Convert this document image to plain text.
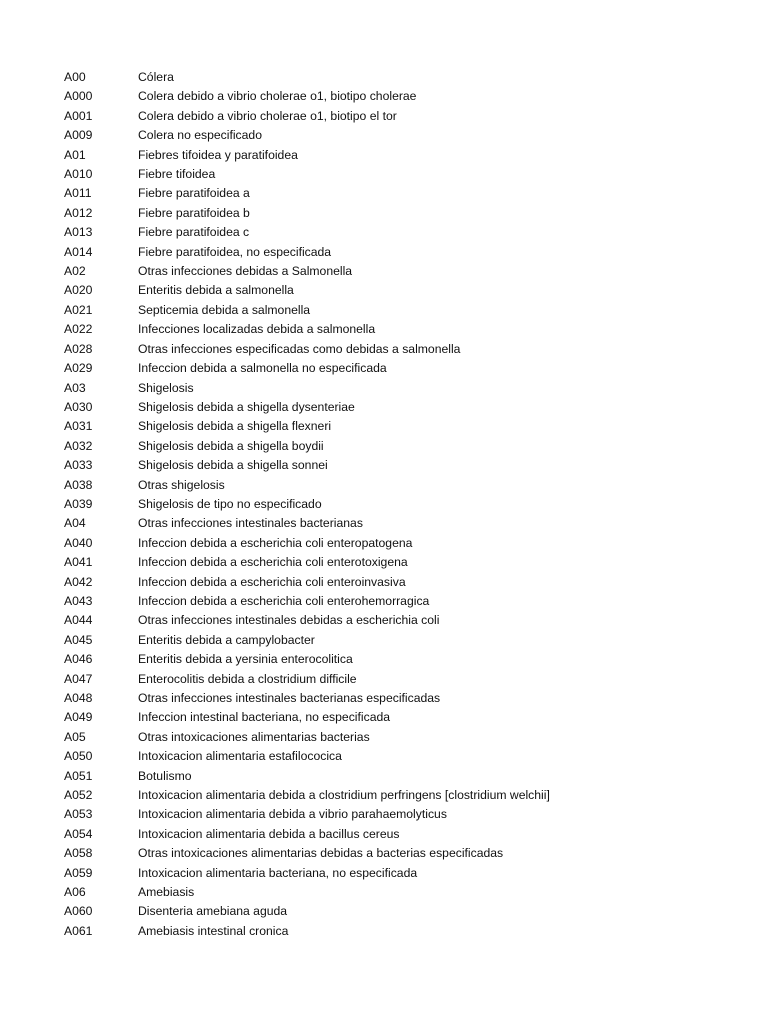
A00	Cólera
A000	Colera debido a vibrio cholerae o1, biotipo cholerae
A001	Colera debido a vibrio cholerae o1, biotipo el tor
A009	Colera no especificado
A01	Fiebres tifoidea y paratifoidea
A010	Fiebre tifoidea
A011	Fiebre paratifoidea a
A012	Fiebre paratifoidea b
A013	Fiebre paratifoidea c
A014	Fiebre paratifoidea, no especificada
A02	Otras infecciones debidas a Salmonella
A020	Enteritis debida a salmonella
A021	Septicemia debida a salmonella
A022	Infecciones localizadas debida a salmonella
A028	Otras infecciones especificadas como debidas a salmonella
A029	Infeccion debida a salmonella no especificada
A03	Shigelosis
A030	Shigelosis debida a shigella dysenteriae
A031	Shigelosis debida a shigella flexneri
A032	Shigelosis debida a shigella boydii
A033	Shigelosis debida a shigella sonnei
A038	Otras shigelosis
A039	Shigelosis de tipo no especificado
A04	Otras infecciones intestinales bacterianas
A040	Infeccion debida a escherichia coli enteropatogena
A041	Infeccion debida a escherichia coli enterotoxigena
A042	Infeccion debida a escherichia coli enteroinvasiva
A043	Infeccion debida a escherichia coli enterohemorragica
A044	Otras infecciones intestinales debidas a escherichia coli
A045	Enteritis debida a campylobacter
A046	Enteritis debida a yersinia enterocolitica
A047	Enterocolitis debida a clostridium difficile
A048	Otras infecciones intestinales bacterianas especificadas
A049	Infeccion intestinal bacteriana, no especificada
A05	Otras intoxicaciones alimentarias bacterias
A050	Intoxicacion alimentaria estafilococica
A051	Botulismo
A052	Intoxicacion alimentaria debida a clostridium perfringens [clostridium welchii]
A053	Intoxicacion alimentaria debida a vibrio parahaemolyticus
A054	Intoxicacion alimentaria debida a bacillus cereus
A058	Otras intoxicaciones alimentarias debidas a bacterias especificadas
A059	Intoxicacion alimentaria bacteriana, no especificada
A06	Amebiasis
A060	Disenteria amebiana aguda
A061	Amebiasis intestinal cronica
